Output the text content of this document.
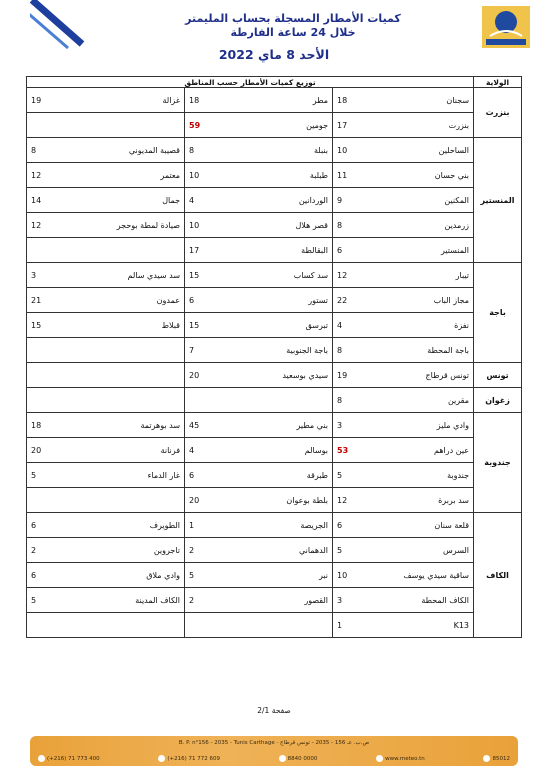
كميات الأمطار المسجلة بحساب المليمتر
خلال 24 ساعة الفارطة
الأحد 8 ماي 2022
الولاية	توزيع كميات الأمطار حسب المناطق					
بنزرت	سجنان	18	مطر	18	غزالة	19
	بنزرت	17	جومين	59		
المنستير	الساحلين	10	بنبلة	8	قصيبة المديوني	8
	بني حسان	11	طبلبة	10	معتمر	12
	المكنين	9	الوردانين	4	جمال	14
	زرمدين	8	قصر هلال	10	صيادة لمطة بوحجر	12
	المنستير	6	البقالطة	17		
باجة	تيبار	12	سد كساب	15	سد سيدي سالم	3
	مجاز الباب	22	تستور	6	عمدون	21
	نفزة	4	تبرسق	15	قبلاط	15
	باجة المحطة	8	باجة الجنوبية	7		
تونس	تونس قرطاج	19	سيدي بوسعيد	20		
زغوان	مقرين	8				
جندوبة	وادي مليز	3	بني مطير	45	سد بوهرتمة	18
	عين دراهم	53	بوسالم	4	فرنانة	20
	جندوبة	5	طبرقة	6	غار الدماء	5
	سد بربرة	12	بلطة بوعوان	20		
الكاف	قلعة سنان	6	الجريصة	1	الطويرف	6
	السرس	5	الدهماني	2	تاجروين	2
	ساقية سيدي يوسف	10	نبر	5	وادي ملاق	6
	الكاف المحطة	3	القصور	2	الكاف المدينة	5
	K13	1				
صفحة 2/1
B. P. n°156 - 2035 - Tunis Carthage · ص.ب. عـ 156 - 2035 - تونس قرطاج
(+216) 71 773 400	(+216) 71 772 609	8840 0000	www.meteo.tn	85012
